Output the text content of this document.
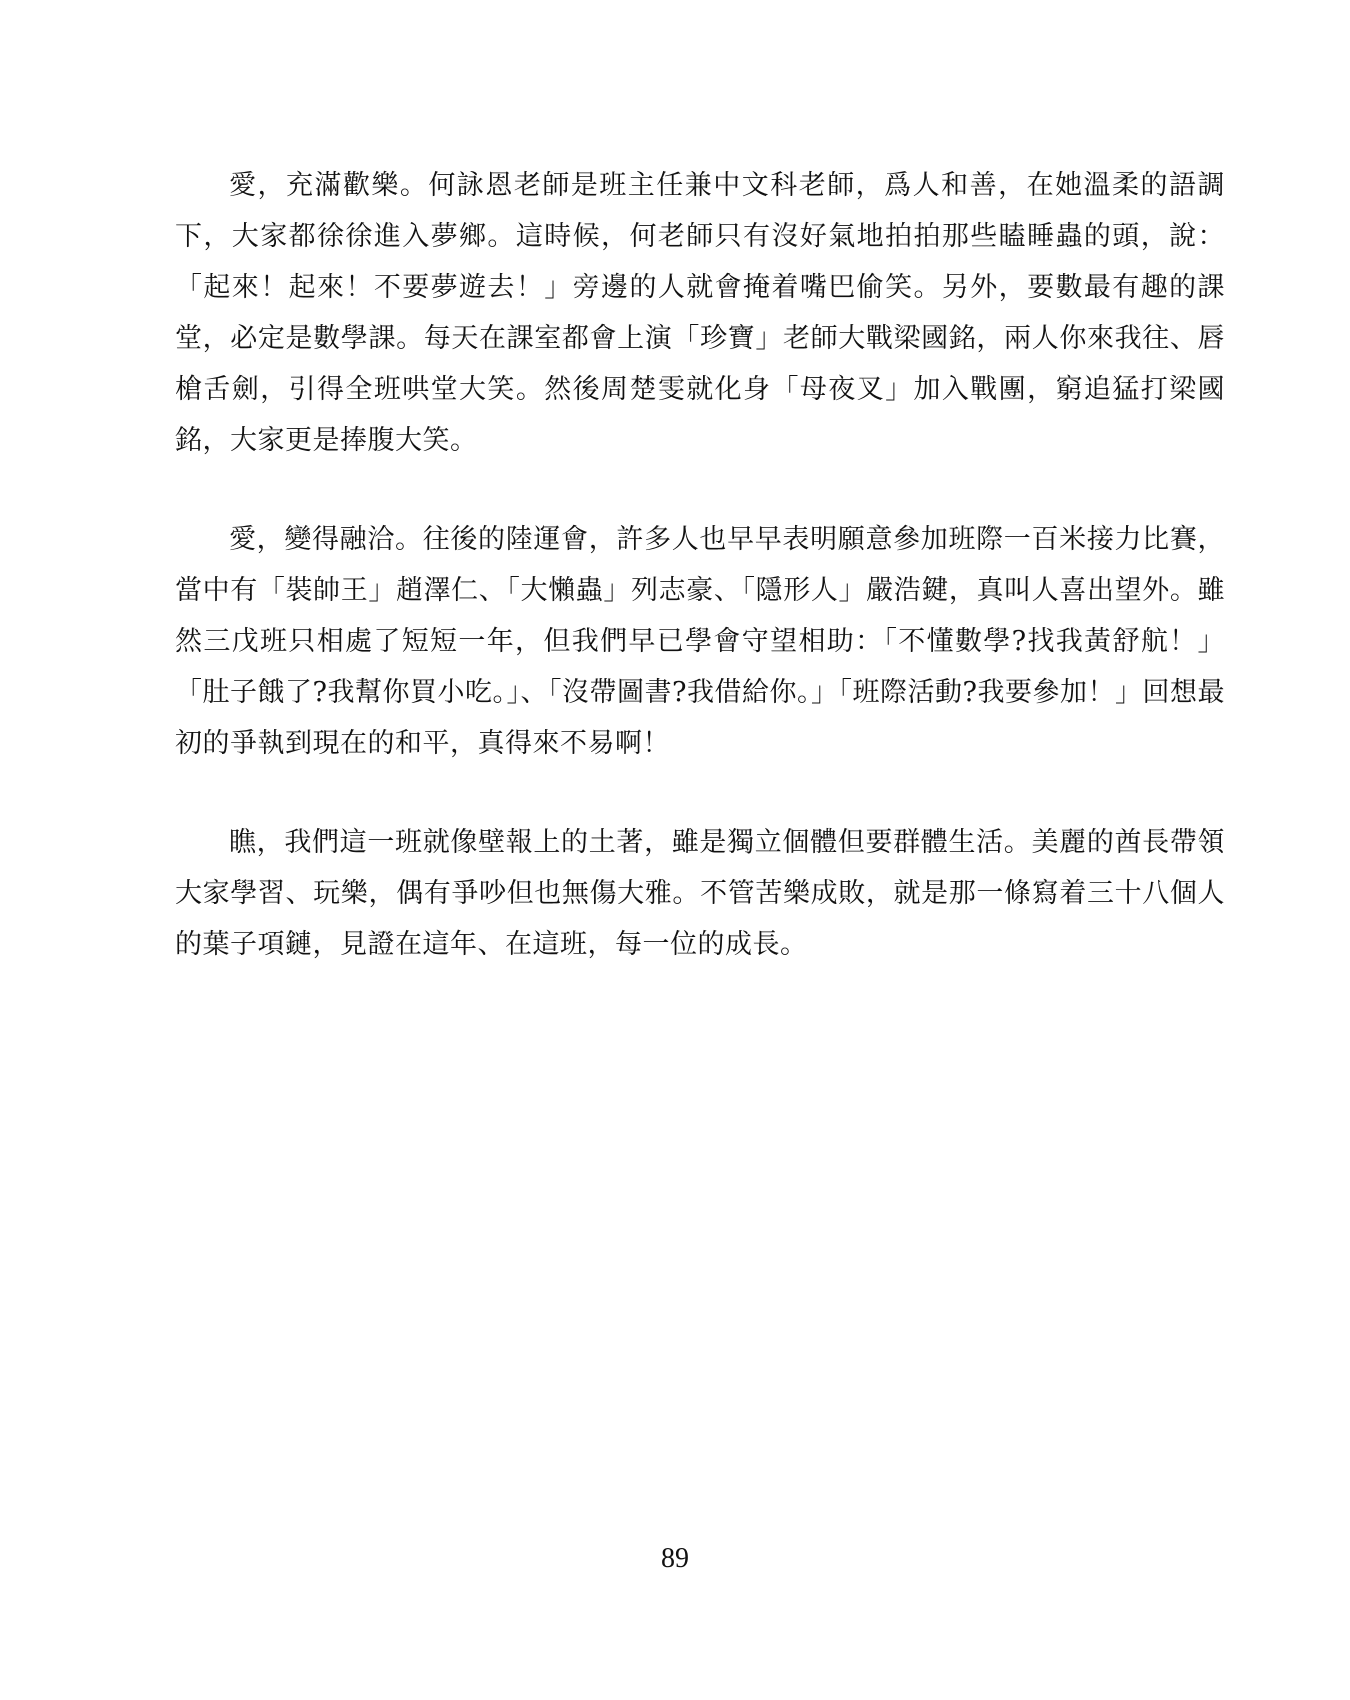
愛，充滿歡樂。何詠恩老師是班主任兼中文科老師，爲人和善，在她溫柔的語調下，大家都徐徐進入夢鄉。這時候，何老師只有沒好氣地拍拍那些瞌睡蟲的頭，說：「起來！起來！不要夢遊去！」旁邊的人就會掩着嘴巴偷笑。另外，要數最有趣的課堂，必定是數學課。每天在課室都會上演「珍寶」老師大戰梁國銘，兩人你來我往、唇槍舌劍，引得全班哄堂大笑。然後周楚雯就化身「母夜叉」加入戰團，窮追猛打梁國銘，大家更是捧腹大笑。

愛，變得融洽。往後的陸運會，許多人也早早表明願意參加班際一百米接力比賽，當中有「裝帥王」趙澤仁、「大懶蟲」列志豪、「隱形人」嚴浩鍵，真叫人喜出望外。雖然三戊班只相處了短短一年，但我們早已學會守望相助：「不懂數學?找我黃舒航！」「肚子餓了?我幫你買小吃。」、「沒帶圖書?我借給你。」「班際活動?我要參加！」回想最初的爭執到現在的和平，真得來不易啊！

瞧，我們這一班就像壁報上的土著，雖是獨立個體但要群體生活。美麗的酋長帶領大家學習、玩樂，偶有爭吵但也無傷大雅。不管苦樂成敗，就是那一條寫着三十八個人的葉子項鏈，見證在這年、在這班，每一位的成長。

89
